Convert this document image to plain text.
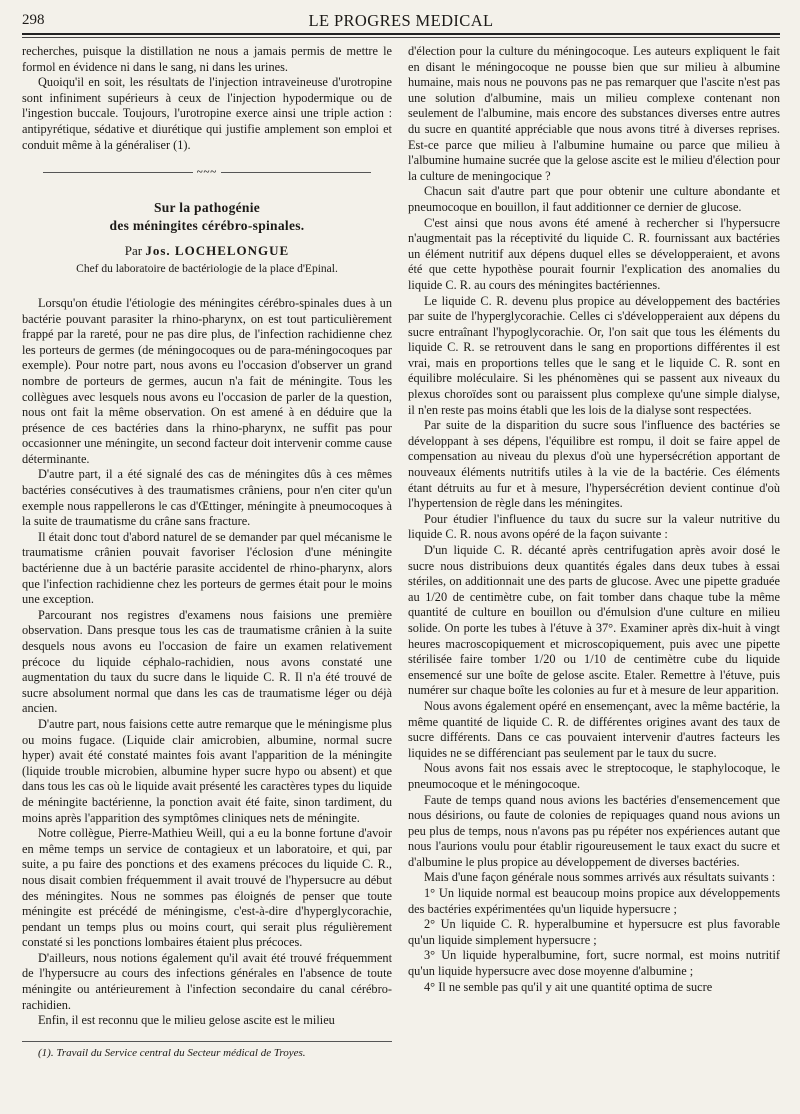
298	LE PROGRES MEDICAL

recherches, puisque la distillation ne nous a jamais permis de mettre le formol en évidence ni dans le sang, ni dans les urines.

Quoiqu'il en soit, les résultats de l'injection intraveineuse d'urotropine sont infiniment supérieurs à ceux de l'injection hypodermique ou de l'ingestion buccale. Toujours, l'urotropine exerce ainsi une triple action : antipyrétique, sédative et diurétique qui justifie amplement son emploi et conduit même à la généraliser (1).

~~~
Sur la pathogénie
des méningites cérébro-spinales.
Par Jos. LOCHELONGUE
Chef du laboratoire de bactériologie de la place d'Epinal.

Lorsqu'on étudie l'étiologie des méningites cérébro-spinales dues à un bactérie pouvant parasiter la rhino-pharynx, on est tout particulièrement frappé par la rareté, pour ne pas dire plus, de l'infection rachidienne chez les porteurs de germes (de méningocoques ou de para-méningocoques par exemple). Pour notre part, nous avons eu l'occasion d'observer un grand nombre de porteurs de germes, aucun n'a fait de méningite. Tous les collègues avec lesquels nous avons eu l'occasion de parler de la question, nous ont fait la même observation. On est amené à en déduire que la présence de ces bactéries dans la rhino-pharynx, ne suffit pas pour occasionner une méningite, un second facteur doit intervenir comme cause déterminante.

D'autre part, il a été signalé des cas de méningites dûs à ces mêmes bactéries consécutives à des traumatismes crâniens, pour n'en citer qu'un exemple nous rappellerons le cas d'Œttinger, méningite à pneumocoques à la suite de traumatisme du crâne sans fracture.

Il était donc tout d'abord naturel de se demander par quel mécanisme le traumatisme crânien pouvait favoriser l'éclosion d'une méningite bactérienne due à un bactérie parasite accidentel de rhino-pharynx, alors que l'infection rachidienne chez les porteurs de germes était pour le moins une exception.

Parcourant nos registres d'examens nous faisions une première observation. Dans presque tous les cas de traumatisme crânien à la suite desquels nous avons eu l'occasion de faire un examen relativement précoce du liquide céphalo-rachidien, nous avons constaté une augmentation du taux du sucre dans le liquide C. R. Il n'a été trouvé de sucre absolument normal que dans les cas de traumatisme léger ou déjà ancien.

D'autre part, nous faisions cette autre remarque que le méningisme plus ou moins fugace. (Liquide clair amicrobien, albumine, normal sucre hyper) avait été constaté maintes fois avant l'apparition de la méningite (liquide trouble microbien, albumine hyper sucre hypo ou absent) et que dans tous les cas où le liquide avait présenté les caractères types du liquide de méningite bactérienne, la ponction avait été faite, sinon tardiment, du moins après l'apparition des symptômes cliniques nets de méningite.

Notre collègue, Pierre-Mathieu Weill, qui a eu la bonne fortune d'avoir en même temps un service de contagieux et un laboratoire, et qui, par suite, a pu faire des ponctions et des examens précoces du liquide C. R., nous disait combien fréquemment il avait trouvé de l'hypersucre au début des méningites. Nous ne sommes pas éloignés de penser que toute méningite est précédé de méningisme, c'est-à-dire d'hyperglycorachie, pendant un temps plus ou moins court, qui serait plus régulièrement constaté si les ponctions lombaires étaient plus précoces.

D'ailleurs, nous notions également qu'il avait été trouvé fréquemment de l'hypersucre au cours des infections générales en l'absence de toute méningite ou antérieurement à l'infection secondaire du canal cérébro-rachidien.

Enfin, il est reconnu que le milieu gelose ascite est le milieu

(1). Travail du Service central du Secteur médical de Troyes.

d'élection pour la culture du méningocoque. Les auteurs expliquent le fait en disant le méningocoque ne pousse bien que sur milieu à albumine humaine, mais nous ne pouvons pas ne pas remarquer que l'ascite n'est pas une solution d'albumine, mais un milieu complexe contenant non seulement de l'albumine, mais encore des substances diverses entre autres du sucre en quantité appréciable que nous avons titré à diverses reprises. Est-ce parce que milieu à l'albumine humaine ou parce que milieu à l'albumine humaine sucrée que la gelose ascite est le milieu d'élection pour la culture de meningocique ?

Chacun sait d'autre part que pour obtenir une culture abondante et pneumocoque en bouillon, il faut additionner ce dernier de glucose.

C'est ainsi que nous avons été amené à rechercher si l'hypersucre n'augmentait pas la réceptivité du liquide C. R. fournissant aux bactéries un élément nutritif aux dépens duquel elles se développeraient, et avons été que cette hypothèse pourait fournir l'explication des anomalies du liquide C. R. au cours des méningites bactériennes.

Le liquide C. R. devenu plus propice au développement des bactéries par suite de l'hyperglycorachie. Celles ci s'développeraient aux dépens du sucre entraînant l'hypoglycorachie. Or, l'on sait que tous les éléments du liquide C. R. se retrouvent dans le sang en proportions différentes il est vrai, mais en proportions telles que le sang et le liquide C. R. sont en équilibre moléculaire. Si les phénomènes qui se passent aux niveaux du plexus choroïdes sont ou paraissent plus complexe qu'une simple dialyse, il n'en reste pas moins établi que les lois de la dialyse sont respectées.

Par suite de la disparition du sucre sous l'influence des bactéries se développant à ses dépens, l'équilibre est rompu, il doit se faire appel de compensation au niveau du plexus d'où une hypersécrétion apportant de nouveaux éléments nutritifs utiles à la vie de la bactérie. Ces éléments étant détruits au fur et à mesure, l'hypersécrétion devient continue d'où l'hypertension de règle dans les méningites.

Pour étudier l'influence du taux du sucre sur la valeur nutritive du liquide C. R. nous avons opéré de la façon suivante :

D'un liquide C. R. décanté après centrifugation après avoir dosé le sucre nous distribuions deux quantités égales dans deux tubes à essai stériles, on additionnait une des parts de glucose. Avec une pipette graduée au 1/20 de centimètre cube, on fait tomber dans chaque tube la même quantité de culture en bouillon ou d'émulsion d'une culture en milieu solide. On porte les tubes à l'étuve à 37°. Examiner après dix-huit à vingt heures macroscopiquement et microscopiquement, puis avec une pipette stérilisée faire tomber 1/20 ou 1/10 de centimètre cube du liquide ensemencé sur une boîte de gelose ascite. Etaler. Remettre à l'étuve, puis numérer sur chaque boîte les colonies au fur et à mesure de leur apparition.

Nous avons également opéré en ensemençant, avec la même bactérie, la même quantité de liquide C. R. de différentes origines avant des taux de sucre différents. Dans ce cas pouvaient intervenir d'autres facteurs les liquides ne se différenciant pas seulement par le taux du sucre.

Nous avons fait nos essais avec le streptocoque, le staphylocoque, le pneumocoque et le méningocoque.

Faute de temps quand nous avions les bactéries d'ensemencement que nous désirions, ou faute de colonies de repiquages quand nous avions un peu plus de temps, nous n'avons pas pu répéter nos expériences autant que nous l'aurions voulu pour établir rigoureusement le taux exact du sucre et d'albumine le plus propice au développement de diverses bactéries.

Mais d'une façon générale nous sommes arrivés aux résultats suivants :

1° Un liquide normal est beaucoup moins propice aux développements des bactéries expérimentées qu'un liquide hypersucre ;

2° Un liquide C. R. hyperalbumine et hypersucre est plus favorable qu'un liquide simplement hypersucre ;

3° Un liquide hyperalbumine, fort, sucre normal, est moins nutritif qu'un liquide hypersucre avec dose moyenne d'albumine ;

4° Il ne semble pas qu'il y ait une quantité optima de sucre
